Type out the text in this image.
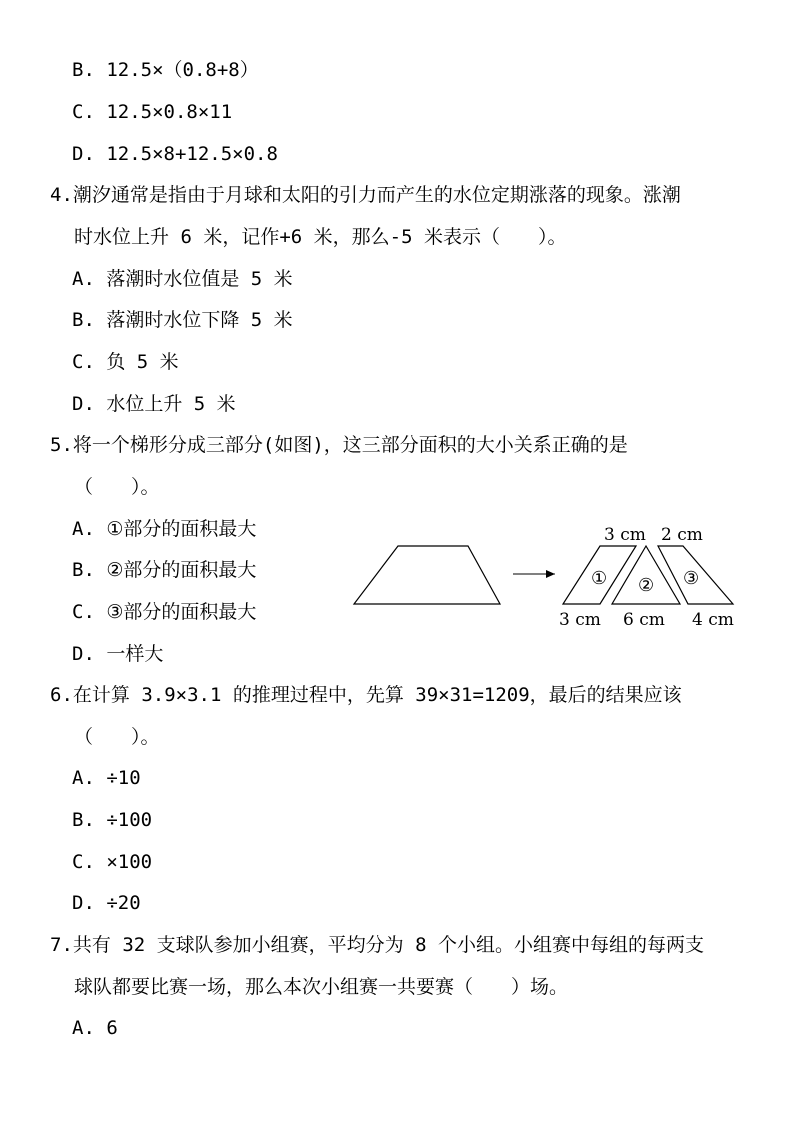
B. 12.5×（0.8+8）
C. 12.5×0.8×11
D. 12.5×8+12.5×0.8
4.潮汐通常是指由于月球和太阳的引力而产生的水位定期涨落的现象。涨潮
时水位上升 6 米，记作+6 米，那么-5 米表示（　　）。
A. 落潮时水位值是 5 米
B. 落潮时水位下降 5 米
C. 负 5 米
D. 水位上升 5 米
5.将一个梯形分成三部分(如图)，这三部分面积的大小关系正确的是
（　　）。
A. ①部分的面积最大
B. ②部分的面积最大
C. ③部分的面积最大
D. 一样大
3 cm 2 cm
3 cm 6 cm 4 cm
① ② ③
6.在计算 3.9×3.1 的推理过程中，先算 39×31=1209，最后的结果应该
（　　）。
A. ÷10
B. ÷100
C. ×100
D. ÷20
7.共有 32 支球队参加小组赛，平均分为 8 个小组。小组赛中每组的每两支
球队都要比赛一场，那么本次小组赛一共要赛（　　）场。
A. 6
